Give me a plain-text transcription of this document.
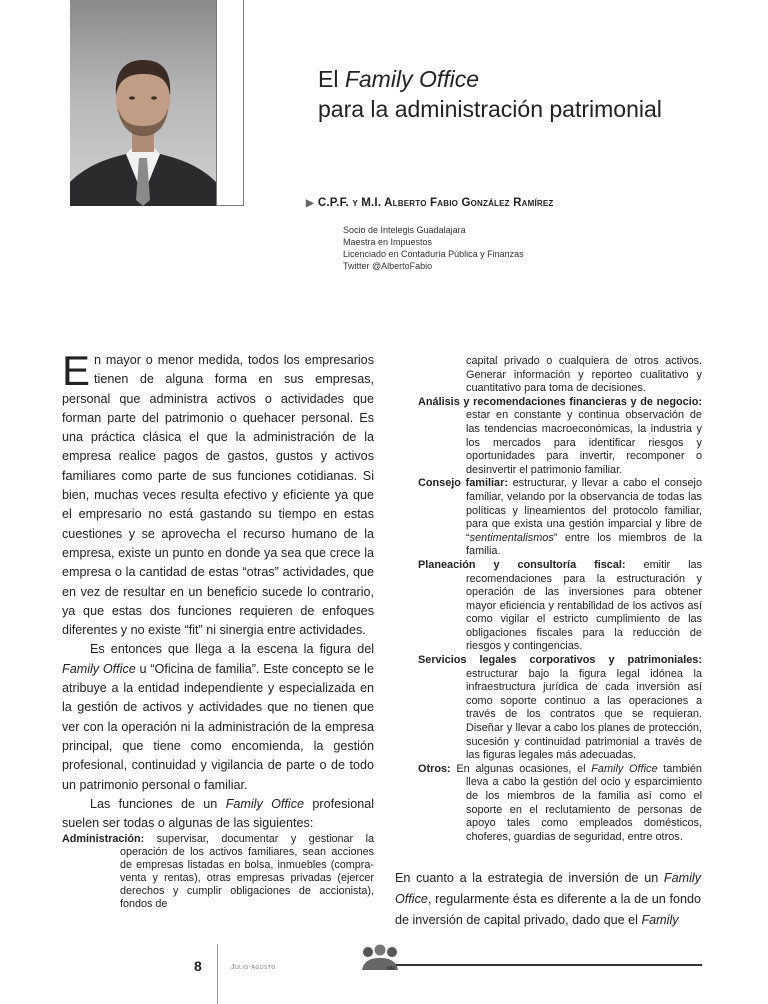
El Family Office
para la administración patrimonial
▶ C.P.F. y M.I. Alberto Fabio González Ramírez
Socio de Intelegis Guadalajara
Maestra en Impuestos
Licenciado en Contaduría Pública y Finanzas
Twitter @AlbertoFabio

En mayor o menor medida, todos los empresarios tienen de alguna forma en sus empresas, personal que administra activos o actividades que forman parte del patrimonio o quehacer personal. Es una práctica clásica el que la administración de la empresa realice pagos de gastos, gustos y activos familiares como parte de sus funciones cotidianas. Si bien, muchas veces resulta efectivo y eficiente ya que el empresario no está gastando su tiempo en estas cuestiones y se aprovecha el recurso humano de la empresa, existe un punto en donde ya sea que crece la empresa o la cantidad de estas “otras” actividades, que en vez de resultar en un beneficio sucede lo contrario, ya que estas dos funciones requieren de enfoques diferentes y no existe “fit” ni sinergia entre actividades.

Es entonces que llega a la escena la figura del Family Office u “Oficina de familia”. Este concepto se le atribuye a la entidad independiente y especializada en la gestión de activos y actividades que no tienen que ver con la operación ni la administración de la empresa principal, que tiene como encomienda, la gestión profesional, continuidad y vigilancia de parte o de todo un patrimonio personal o familiar.

Las funciones de un Family Office profesional suelen ser todas o algunas de las siguientes:

Administración: supervisar, documentar y gestionar la operación de los activos familiares, sean acciones de empresas listadas en bolsa, inmuebles (compra-venta y rentas), otras empresas privadas (ejercer derechos y cumplir obligaciones de accionista), fondos de

capital privado o cualquiera de otros activos. Generar información y reporteo cualitativo y cuantitativo para toma de decisiones.

Análisis y recomendaciones financieras y de negocio: estar en constante y continua observación de las tendencias macroeconómicas, la industria y los mercados para identificar riesgos y oportunidades para invertir, recomponer o desinvertir el patrimonio familiar.

Consejo familiar: estructurar, y llevar a cabo el consejo familiar, velando por la observancia de todas las políticas y lineamientos del protocolo familiar, para que exista una gestión imparcial y libre de “sentimentalismos” entre los miembros de la familia.

Planeación y consultoría fiscal: emitir las recomendaciones para la estructuración y operación de las inversiones para obtener mayor eficiencia y rentabilidad de los activos así como vigilar el estricto cumplimiento de las obligaciones fiscales para la reducción de riesgos y contingencias.

Servicios legales corporativos y patrimoniales: estructurar bajo la figura legal idónea la infraestructura jurídica de cada inversión así como soporte continuo a las operaciones a través de los contratos que se requieran. Diseñar y llevar a cabo los planes de protección, sucesión y continuidad patrimonial a través de las figuras legales más adecuadas.

Otros: En algunas ocasiones, el Family Office también lleva a cabo la gestión del ocio y esparcimiento de los miembros de la familia así como el soporte en el reclutamiento de personas de apoyo tales como empleados domésticos, choferes, guardias de seguridad, entre otros.

En cuanto a la estrategia de inversión de un Family Office, regularmente ésta es diferente a la de un fondo de inversión de capital privado, dado que el Family

8	Julio-agosto	MR
